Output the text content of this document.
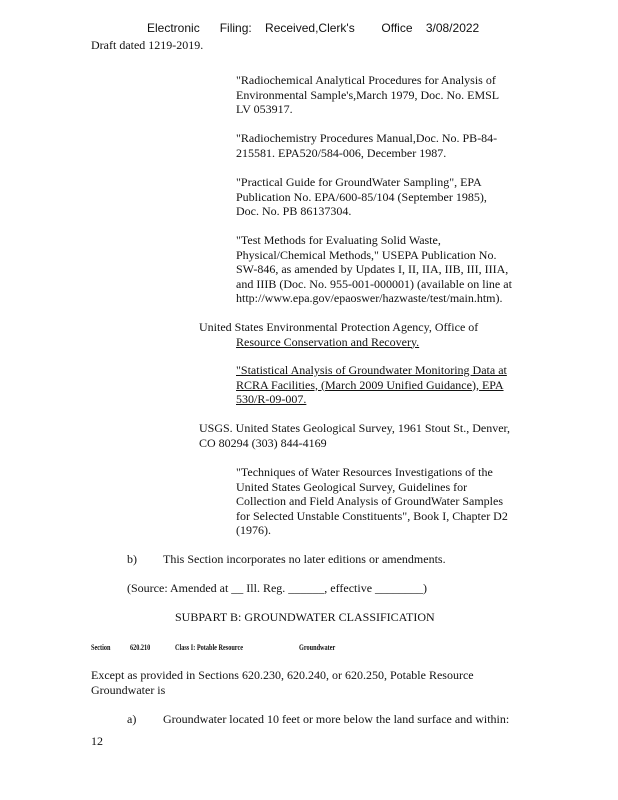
Electronic      Filing:    Received,Clerk's        Office    3/08/2022
Draft dated 1219-2019.
"Radiochemical Analytical Procedures for Analysis of
Environmental Sample's,March 1979, Doc. No. EMSL
LV 053917.
"Radiochemistry Procedures Manual,Doc. No. PB-84-
215581. EPA520/584-006, December 1987.
"Practical Guide for GroundWater Sampling", EPA
Publication No. EPA/600-85/104 (September 1985),
Doc. No. PB 86137304.
"Test Methods for Evaluating Solid Waste,
Physical/Chemical Methods," USEPA Publication No.
SW-846, as amended by Updates I, II, IIA, IIB, III, IIIA,
and IIIB (Doc. No. 955-001-000001) (available on line at
http://www.epa.gov/epaoswer/hazwaste/test/main.htm).
United States Environmental Protection Agency, Office of
Resource Conservation and Recovery.
"Statistical Analysis of Groundwater Monitoring Data at
RCRA Facilities, (March 2009 Unified Guidance), EPA
530/R-09-007.
USGS. United States Geological Survey, 1961 Stout St., Denver,
CO 80294 (303) 844-4169
"Techniques of Water Resources Investigations of the
United States Geological Survey, Guidelines for
Collection and Field Analysis of GroundWater Samples
for Selected Unstable Constituents", Book I, Chapter D2
(1976).
b) This Section incorporates no later editions or amendments.
(Source: Amended at __ Ill. Reg. ______, effective ________)
SUBPART B: GROUNDWATER CLASSIFICATION
Section 620.210	Class I: Potable Resource	Groundwater
Except as provided in Sections 620.230, 620.240, or 620.250, Potable Resource
Groundwater is
a) Groundwater located 10 feet or more below the land surface and within:
12
